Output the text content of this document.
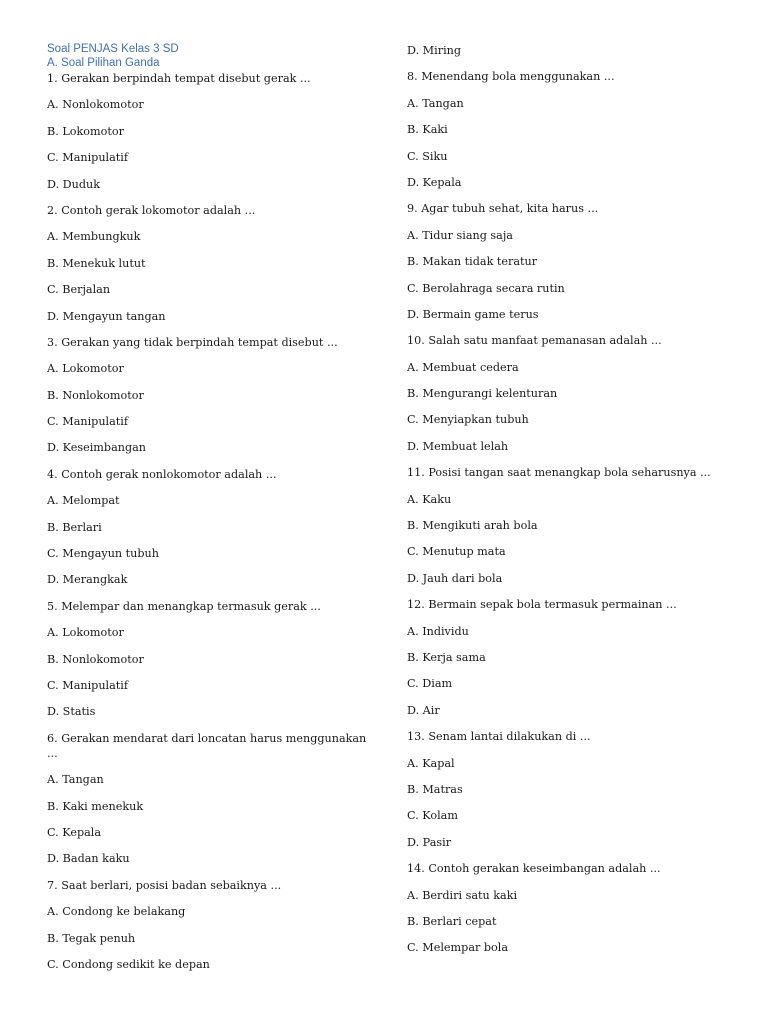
Soal PENJAS Kelas 3 SD
A. Soal Pilihan Ganda
1. Gerakan berpindah tempat disebut gerak ...
A. Nonlokomotor
B. Lokomotor
C. Manipulatif
D. Duduk
2. Contoh gerak lokomotor adalah ...
A. Membungkuk
B. Menekuk lutut
C. Berjalan
D. Mengayun tangan
3. Gerakan yang tidak berpindah tempat disebut ...
A. Lokomotor
B. Nonlokomotor
C. Manipulatif
D. Keseimbangan
4. Contoh gerak nonlokomotor adalah ...
A. Melompat
B. Berlari
C. Mengayun tubuh
D. Merangkak
5. Melempar dan menangkap termasuk gerak ...
A. Lokomotor
B. Nonlokomotor
C. Manipulatif
D. Statis
6. Gerakan mendarat dari loncatan harus menggunakan ...
A. Tangan
B. Kaki menekuk
C. Kepala
D. Badan kaku
7. Saat berlari, posisi badan sebaiknya ...
A. Condong ke belakang
B. Tegak penuh
C. Condong sedikit ke depan
D. Miring
8. Menendang bola menggunakan ...
A. Tangan
B. Kaki
C. Siku
D. Kepala
9. Agar tubuh sehat, kita harus ...
A. Tidur siang saja
B. Makan tidak teratur
C. Berolahraga secara rutin
D. Bermain game terus
10. Salah satu manfaat pemanasan adalah ...
A. Membuat cedera
B. Mengurangi kelenturan
C. Menyiapkan tubuh
D. Membuat lelah
11. Posisi tangan saat menangkap bola seharusnya ...
A. Kaku
B. Mengikuti arah bola
C. Menutup mata
D. Jauh dari bola
12. Bermain sepak bola termasuk permainan ...
A. Individu
B. Kerja sama
C. Diam
D. Air
13. Senam lantai dilakukan di ...
A. Kapal
B. Matras
C. Kolam
D. Pasir
14. Contoh gerakan keseimbangan adalah ...
A. Berdiri satu kaki
B. Berlari cepat
C. Melempar bola
